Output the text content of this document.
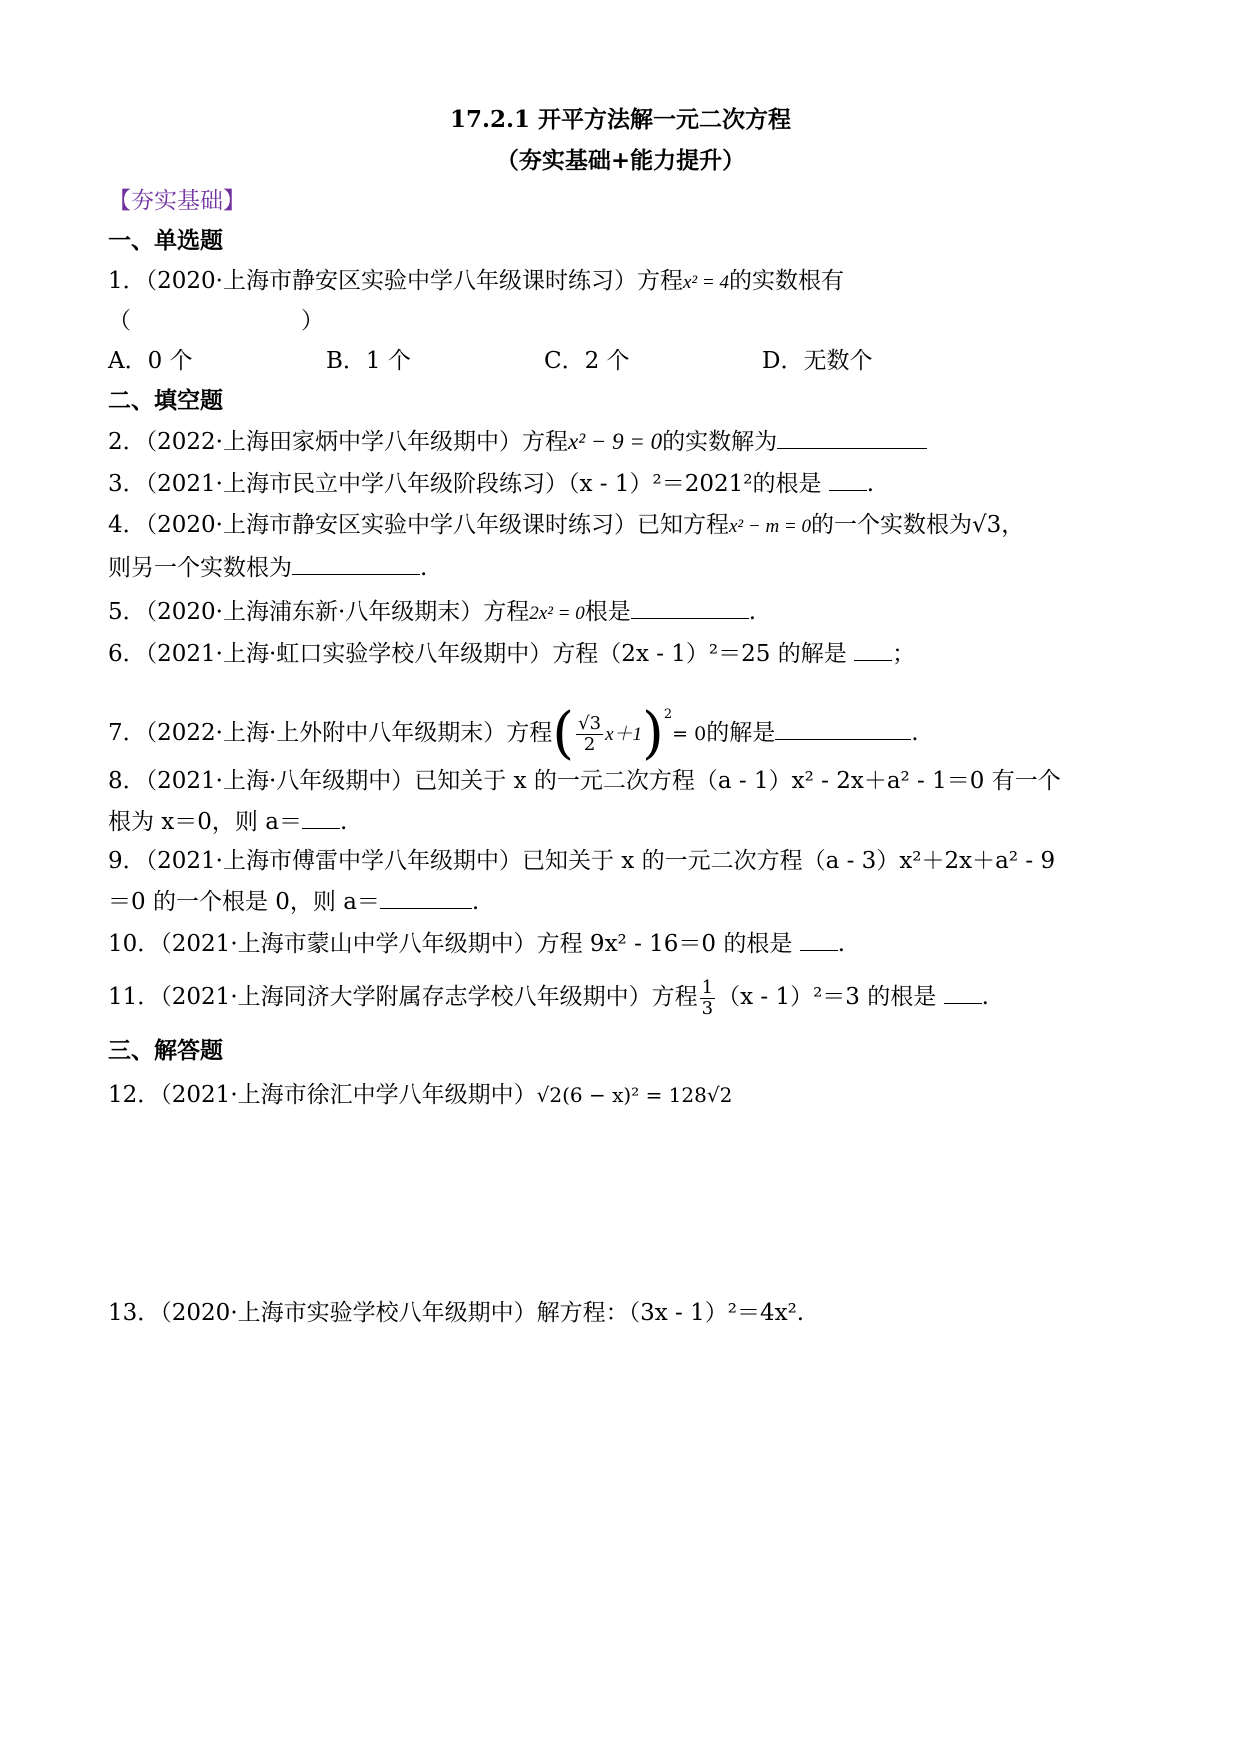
17.2.1 开平方法解一元二次方程
（夯实基础+能力提升）
【夯实基础】
一、单选题
1．（2020·上海市静安区实验中学八年级课时练习）方程x² = 4的实数根有
（	）
A．0 个	B．1 个	C．2 个	D．无数个
二、填空题
2．（2022·上海田家炳中学八年级期中）方程x² − 9 = 0的实数解为
3．（2021·上海市民立中学八年级阶段练习）（x - 1）²＝2021²的根是 .
4．（2020·上海市静安区实验中学八年级课时练习）已知方程x² − m = 0的一个实数根为√3，
则另一个实数根为	.
5．（2020·上海浦东新·八年级期末）方程2x² = 0根是	.
6．（2021·上海·虹口实验学校八年级期中）方程（2x - 1）²＝25 的解是 ；
7．（2022·上海·上外附中八年级期末）方程( $\frac{√3}{2} x+1)^2= 0$的解是	.
8．（2021·上海·八年级期中）已知关于 x 的一元二次方程（a - 1）x² - 2x＋a² - 1＝0 有一个
根为 x＝0，则 a＝ .
9．（2021·上海市傅雷中学八年级期中）已知关于 x 的一元二次方程（a - 3）x²＋2x＋a² - 9
＝0 的一个根是 0，则 a＝	.
10．（2021·上海市蒙山中学八年级期中）方程 9x² - 16＝0 的根是 .
11．（2021·上海同济大学附属存志学校八年级期中）方程 $\frac{1}{3} (x - 1)^2=3$ 的根是 .
三、解答题
12．（2021·上海市徐汇中学八年级期中）√2(6 − x)² = 128√2
13．（2020·上海市实验学校八年级期中）解方程：（3x - 1）²＝4x².
